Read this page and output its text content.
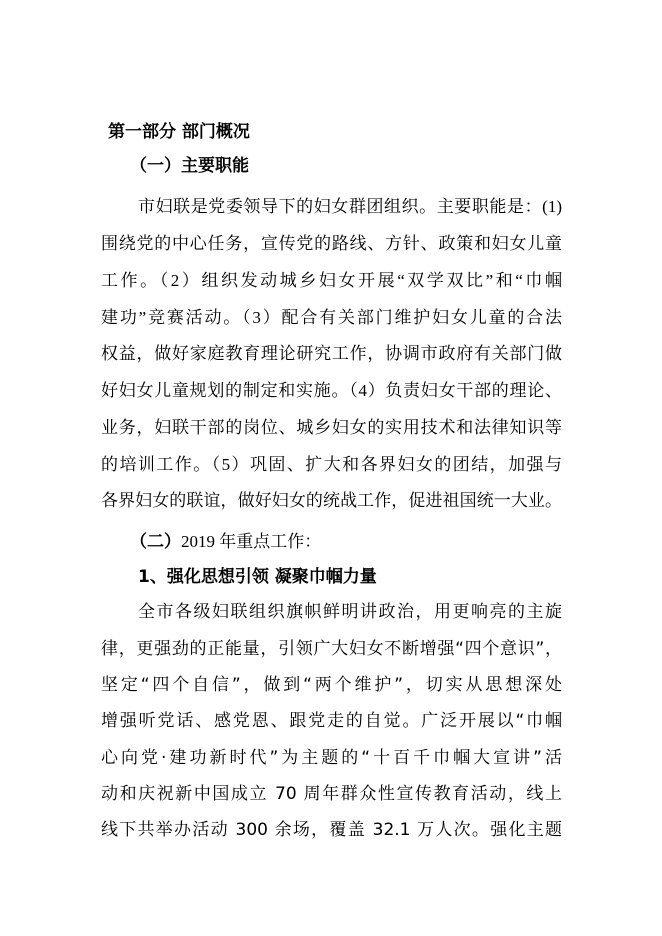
第一部分 部门概况

（一）主要职能

市妇联是党委领导下的妇女群团组织。主要职能是：(1)

围绕党的中心任务，宣传党的路线、方针、政策和妇女儿童

工作。（2）组织发动城乡妇女开展“双学双比”和“巾帼

建功”竞赛活动。（3）配合有关部门维护妇女儿童的合法

权益，做好家庭教育理论研究工作，协调市政府有关部门做

好妇女儿童规划的制定和实施。（4）负责妇女干部的理论、

业务，妇联干部的岗位、城乡妇女的实用技术和法律知识等

的培训工作。（5）巩固、扩大和各界妇女的团结，加强与

各界妇女的联谊，做好妇女的统战工作，促进祖国统一大业。

（二）2019 年重点工作：

1、强化思想引领 凝聚巾帼力量

全市各级妇联组织旗帜鲜明讲政治，用更响亮的主旋

律，更强劲的正能量，引领广大妇女不断增强“四个意识”，

坚定“四个自信”，做到“两个维护”，切实从思想深处

增强听党话、感党恩、跟党走的自觉。广泛开展以“巾帼

心向党·建功新时代”为主题的“十百千巾帼大宣讲”活

动和庆祝新中国成立 70 周年群众性宣传教育活动，线上

线下共举办活动 300 余场，覆盖 32.1 万人次。强化主题
